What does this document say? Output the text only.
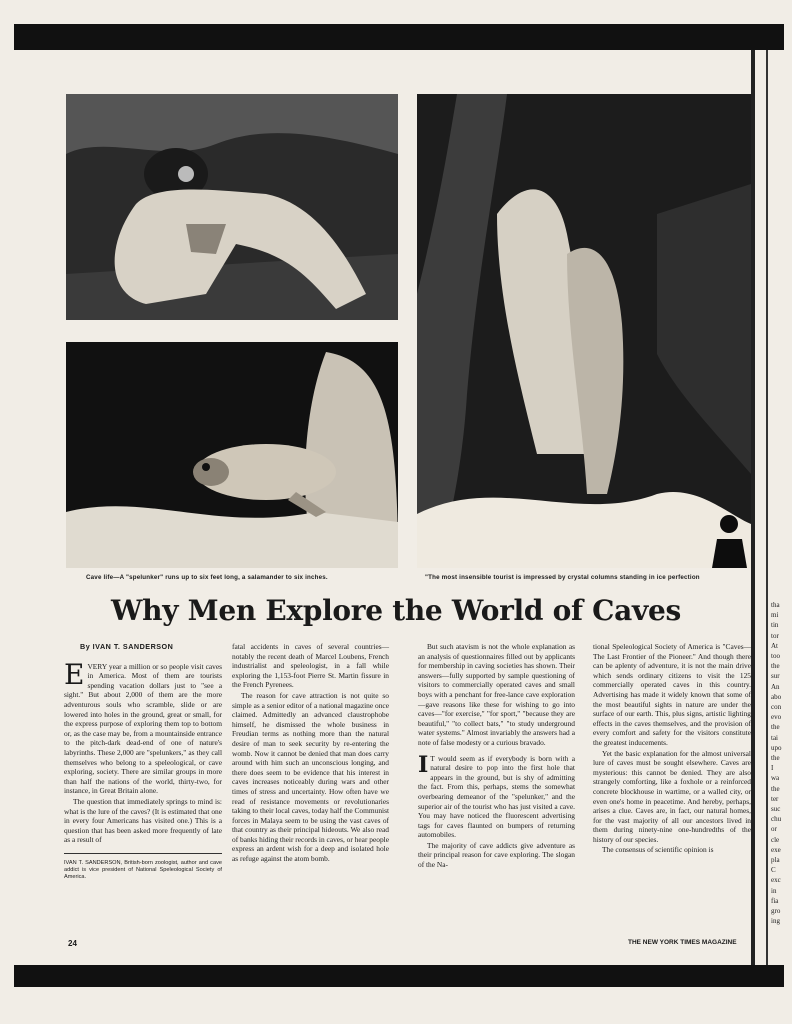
Cave life—A "spelunker" runs up to six feet long, a salamander to six inches.	"The most insensible tourist is impressed by crystal columns standing in ice perfection
Why Men Explore the World of Caves

By IVAN T. SANDERSON

EVERY year a million or so people visit caves in America. Most of them are tourists spending vacation dollars just to "see a sight." But about 2,000 of them are the more adventurous souls who scramble, slide or are lowered into holes in the ground, great or small, for the express purpose of exploring them top to bottom or, as the case may be, from a mountainside entrance to the pitch-dark dead-end of one of nature's labyrinths. These 2,000 are "spelunkers," as they call themselves who belong to a speleological, or cave exploring, society. There are similar groups in more than half the nations of the world, thirty-two, for instance, in Great Britain alone.

The question that immediately springs to mind is: what is the lure of the caves? (It is estimated that one in every four Americans has visited one.) This is a question that has been asked more frequently of late as a result of

IVAN T. SANDERSON, British-born zoologist, author and cave addict is vice president of National Speleological Society of America.

fatal accidents in caves of several countries—notably the recent death of Marcel Loubens, French industrialist and speleologist, in a fall while exploring the 1,153-foot Pierre St. Martin fissure in the French Pyrenees.

The reason for cave attraction is not quite so simple as a senior editor of a national magazine once claimed. Admittedly an advanced claustrophobe himself, he dismissed the whole business in Freudian terms as nothing more than the natural desire of man to seek security by re-entering the womb. Now it cannot be denied that man does carry around with him such an unconscious longing, and there does seem to be evidence that his interest in caves increases noticeably during wars and other times of stress and uncertainty. How often have we read of resistance movements or revolutionaries taking to their local caves, today half the Communist forces in Malaya seem to be using the vast caves of that country as their principal hideouts. We also read of banks hiding their records in caves, or hear people express an ardent wish for a deep and isolated hole as refuge against the atom bomb.

But such atavism is not the whole explanation as an analysis of questionnaires filled out by applicants for membership in caving societies has shown. Their answers—fully supported by sample questioning of visitors to commercially operated caves and small boys with a penchant for free-lance cave exploration—gave reasons like these for wishing to go into caves—"for exercise," "for sport," "because they are beautiful," "to collect bats," "to study underground water systems." Almost invariably the answers had a note of false modesty or a curious bravado.

I T would seem as if everybody is born with a natural desire to pop into the first hole that appears in the ground, but is shy of admitting the fact. From this, perhaps, stems the somewhat overbearing demeanor of the "spelunker," and the superior air of the tourist who has just visited a cave. You may have noticed the fluorescent advertising tags for caves flaunted on bumpers of returning automobiles.

The majority of cave addicts give adventure as their principal reason for cave exploring. The slogan of the Na-

tional Speleological Society of America is "Caves—The Last Frontier of the Pioneer." And though there can be aplenty of adventure, it is not the main drive which sends ordinary citizens to visit the 125 commercially operated caves in this country. Advertising has made it widely known that some of the most beautiful sights in nature are under the surface of our earth. This, plus signs, artistic lighting effects in the caves themselves, and the provision of every comfort and safety for the visitors constitute the greatest inducements.

Yet the basic explanation for the almost universal lure of caves must be sought elsewhere. Caves are mysterious: this cannot be denied. They are also strangely comforting, like a foxhole or a reinforced concrete blockhouse in wartime, or a walled city, or even one's home in peacetime. And hereby, perhaps, arises a clue. Caves are, in fact, our natural homes, for the vast majority of all our ancestors lived in them during ninety-nine one-hundredths of the history of our species.

The consensus of scientific opinion is

24	THE NEW YORK TIMES MAGAZINE
tha
mi
tin
tor
At
too
the
sur
An
abo
con
evo
the
tai
upo
the
I
wa
the
ter
suc
chu
or
cle
exe
pla
C
exc
in
fia
gro
ing
